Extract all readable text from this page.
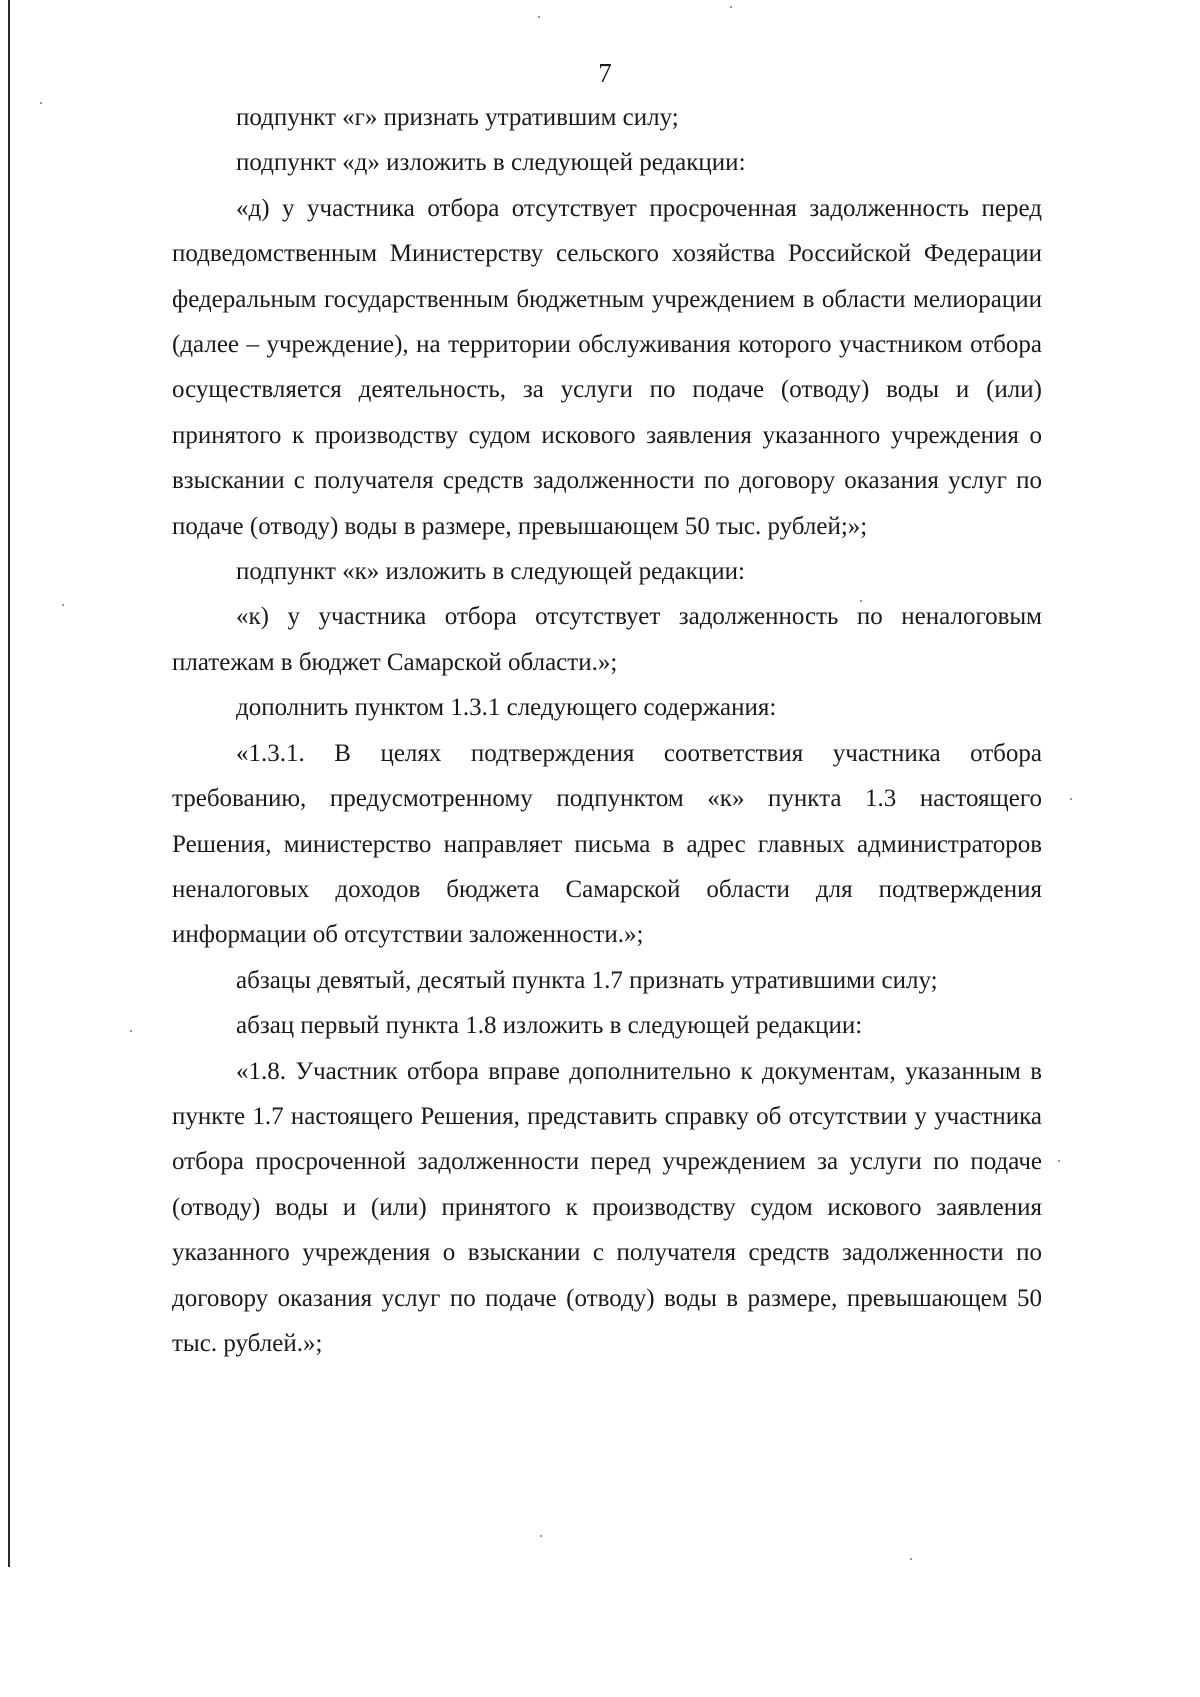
7

подпункт «г» признать утратившим силу;

подпункт «д» изложить в следующей редакции:

«д) у участника отбора отсутствует просроченная задолженность перед подведомственным Министерству сельского хозяйства Российской Федерации федеральным государственным бюджетным учреждением в области мелиорации (далее – учреждение), на территории обслуживания которого участником отбора осуществляется деятельность, за услуги по подаче (отводу) воды и (или) принятого к производству судом искового заявления указанного учреждения о взыскании с получателя средств задолженности по договору оказания услуг по подаче (отводу) воды в размере, превышающем 50 тыс. рублей;»;

подпункт «к» изложить в следующей редакции:

«к) у участника отбора отсутствует задолженность по неналоговым платежам в бюджет Самарской области.»;

дополнить пунктом 1.3.1 следующего содержания:

«1.3.1. В целях подтверждения соответствия участника отбора требованию, предусмотренному подпунктом «к» пункта 1.3 настоящего Решения, министерство направляет письма в адрес главных администраторов неналоговых доходов бюджета Самарской области для подтверждения информации об отсутствии заложенности.»;

абзацы девятый, десятый пункта 1.7 признать утратившими силу;

абзац первый пункта 1.8 изложить в следующей редакции:

«1.8. Участник отбора вправе дополнительно к документам, указанным в пункте 1.7 настоящего Решения, представить справку об отсутствии у участника отбора просроченной задолженности перед учреждением за услуги по подаче (отводу) воды и (или) принятого к производству судом искового заявления указанного учреждения о взыскании с получателя средств задолженности по договору оказания услуг по подаче (отводу) воды в размере, превышающем 50 тыс. рублей.»;
